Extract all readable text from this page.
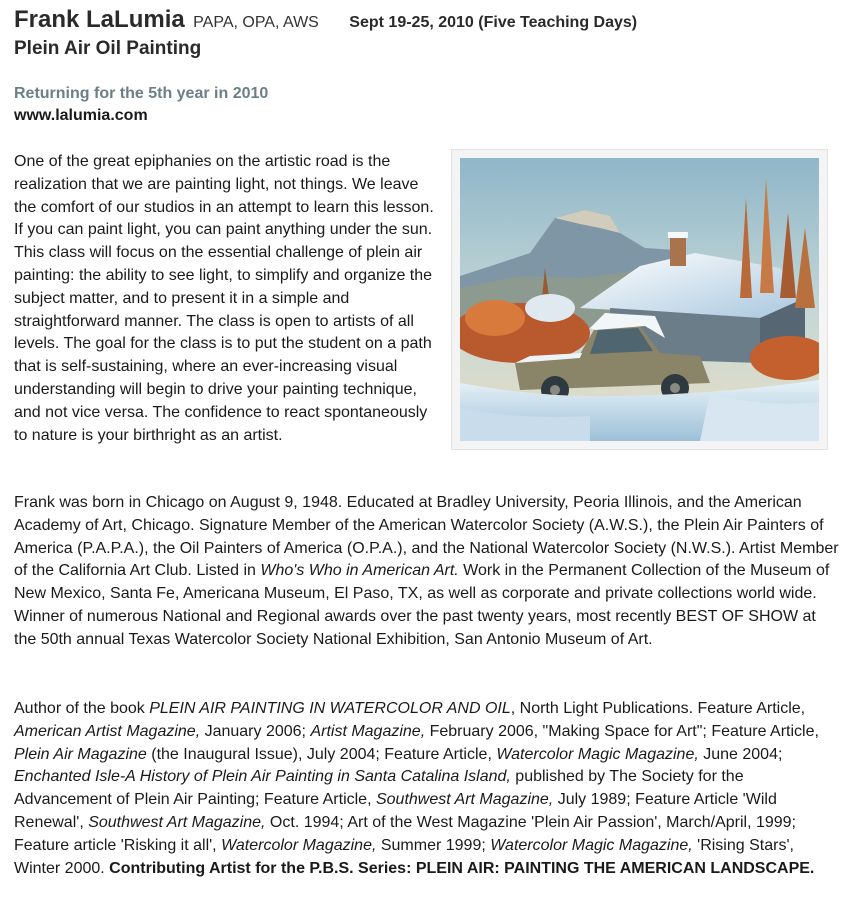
Frank LaLumia PAPA, OPA, AWS Sept 19-25, 2010 (Five Teaching Days)
Plein Air Oil Painting
Returning for the 5th year in 2010
www.lalumia.com

One of the great epiphanies on the artistic road is the realization that we are painting light, not things. We leave the comfort of our studios in an attempt to learn this lesson. If you can paint light, you can paint anything under the sun. This class will focus on the essential challenge of plein air painting: the ability to see light, to simplify and organize the subject matter, and to present it in a simple and straightforward manner. The class is open to artists of all levels. The goal for the class is to put the student on a path that is self-sustaining, where an ever-increasing visual understanding will begin to drive your painting technique, and not vice versa. The confidence to react spontaneously to nature is your birthright as an artist.

Frank was born in Chicago on August 9, 1948. Educated at Bradley University, Peoria Illinois, and the American Academy of Art, Chicago. Signature Member of the American Watercolor Society (A.W.S.), the Plein Air Painters of America (P.A.P.A.), the Oil Painters of America (O.P.A.), and the National Watercolor Society (N.W.S.). Artist Member of the California Art Club. Listed in Who's Who in American Art. Work in the Permanent Collection of the Museum of New Mexico, Santa Fe, Americana Museum, El Paso, TX, as well as corporate and private collections world wide. Winner of numerous National and Regional awards over the past twenty years, most recently BEST OF SHOW at the 50th annual Texas Watercolor Society National Exhibition, San Antonio Museum of Art.

Author of the book PLEIN AIR PAINTING IN WATERCOLOR AND OIL, North Light Publications. Feature Article, American Artist Magazine, January 2006; Artist Magazine, February 2006, "Making Space for Art"; Feature Article, Plein Air Magazine (the Inaugural Issue), July 2004; Feature Article, Watercolor Magic Magazine, June 2004; Enchanted Isle-A History of Plein Air Painting in Santa Catalina Island, published by The Society for the Advancement of Plein Air Painting; Feature Article, Southwest Art Magazine, July 1989; Feature Article 'Wild Renewal', Southwest Art Magazine, Oct. 1994; Art of the West Magazine 'Plein Air Passion', March/April, 1999; Feature article 'Risking it all', Watercolor Magazine, Summer 1999; Watercolor Magic Magazine, 'Rising Stars', Winter 2000. Contributing Artist for the P.B.S. Series: PLEIN AIR: PAINTING THE AMERICAN LANDSCAPE.
